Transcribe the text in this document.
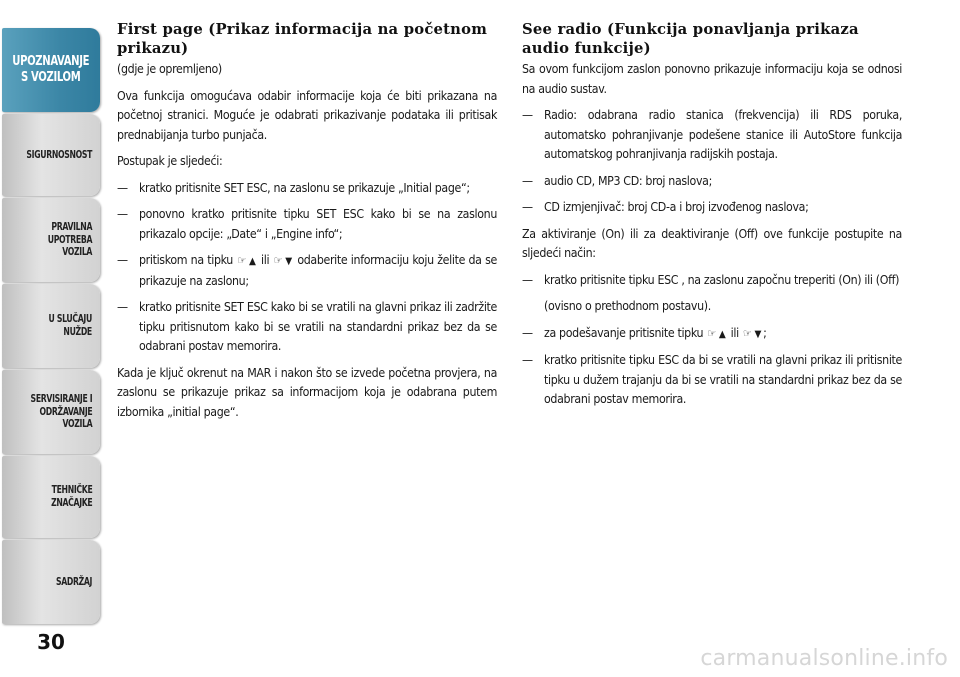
UPOZNAVANJE
S VOZILOM
SIGURNOSNOST
PRAVILNA
UPOTREBA
VOZILA
U SLUČAJU
NUŽDE
SERVISIRANJE I
ODRŽAVANJE
VOZILA
TEHNIČKE
ZNAČAJKE
SADRŽAJ
30
First page (Prikaz informacija na početnom prikazu)

(gdje je opremljeno)

Ova funkcija omogućava odabir informacije koja će biti prikazana na početnoj stranici. Moguće je odabrati prikazivanje podataka ili pritisak prednabijanja turbo punjača.

Postupak je sljedeći:

— kratko pritisnite SET ESC, na zaslonu se prikazuje „Initial page“;

— ponovno kratko pritisnite tipku SET ESC kako bi se na zaslonu prikazalo opcije: „Date“ i „Engine info“;

— pritiskom na tipku ☞ ▲ ili ☞ ▼ odaberite informaciju koju želite da se prikazuje na zaslonu;

— kratko pritisnite SET ESC kako bi se vratili na glavni prikaz ili zadržite tipku pritisnutom kako bi se vratili na standardni prikaz bez da se odabrani postav memorira.

Kada je ključ okrenut na MAR i nakon što se izvede početna provjera, na zaslonu se prikazuje prikaz sa informacijom koja je odabrana putem izbornika „initial page“.

See radio (Funkcija ponavljanja prikaza audio funkcije)

Sa ovom funkcijom zaslon ponovno prikazuje informaciju koja se odnosi na audio sustav.

— Radio: odabrana radio stanica (frekvencija) ili RDS poruka, automatsko pohranjivanje podešene stanice ili AutoStore funkcija automatskog pohranjivanja radijskih postaja.

— audio CD, MP3 CD: broj naslova;

— CD izmjenjivač: broj CD-a i broj izvođenog naslova;

Za aktiviranje (On) ili za deaktiviranje (Off) ove funkcije postupite na sljedeći način:

— kratko pritisnite tipku ESC , na zaslonu započnu treperiti (On) ili (Off)

(ovisno o prethodnom postavu).

— za podešavanje pritisnite tipku ☞ ▲ ili ☞ ▼ ;

— kratko pritisnite tipku ESC da bi se vratili na glavni prikaz ili pritisnite tipku u dužem trajanju da bi se vratili na standardni prikaz bez da se odabrani postav memorira.

carmanualsonline.info
